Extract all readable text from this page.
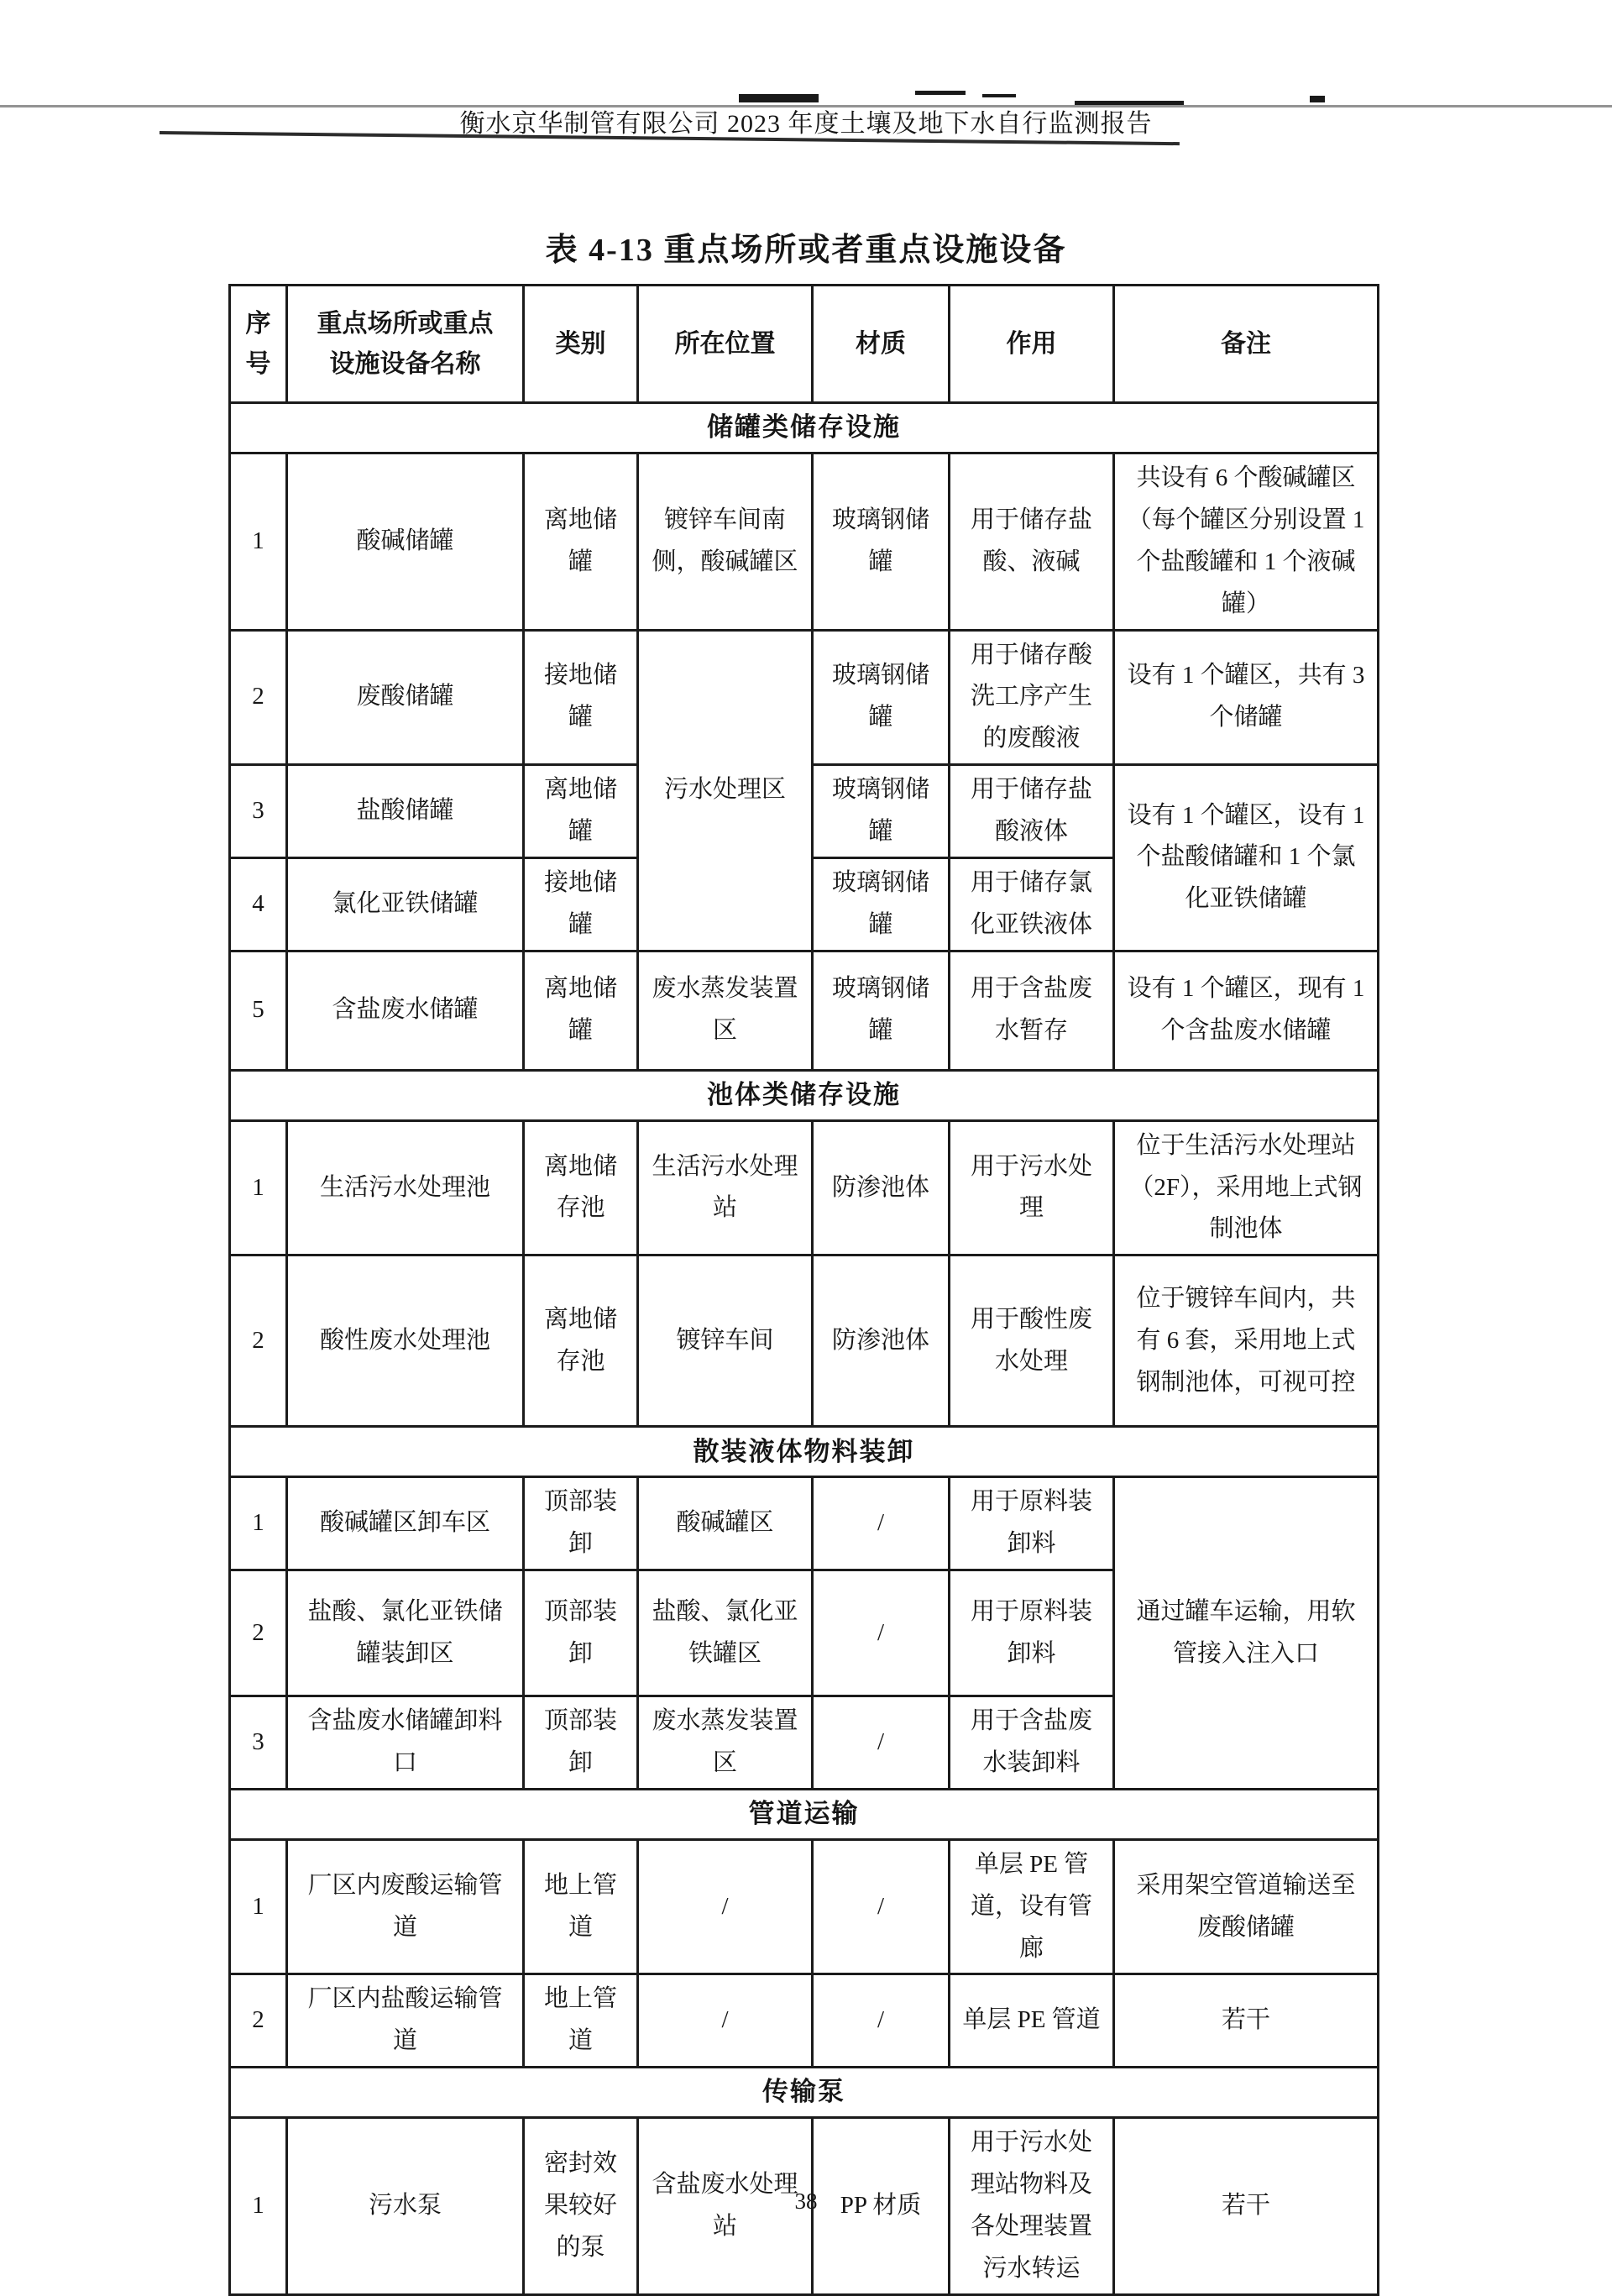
衡水京华制管有限公司 2023 年度土壤及地下水自行监测报告
表 4-13 重点场所或者重点设施设备
序号	重点场所或重点设施设备名称	类别	所在位置	材质	作用	备注
储罐类储存设施						
1	酸碱储罐	离地储罐	镀锌车间南侧，酸碱罐区	玻璃钢储罐	用于储存盐酸、液碱	共设有 6 个酸碱罐区（每个罐区分别设置 1 个盐酸罐和 1 个液碱罐）
2	废酸储罐	接地储罐	污水处理区	玻璃钢储罐	用于储存酸洗工序产生的废酸液	设有 1 个罐区，共有 3 个储罐
3	盐酸储罐	离地储罐		玻璃钢储罐	用于储存盐酸液体	设有 1 个罐区，设有 1 个盐酸储罐和 1 个氯化亚铁储罐
4	氯化亚铁储罐	接地储罐		玻璃钢储罐	用于储存氯化亚铁液体	
5	含盐废水储罐	离地储罐	废水蒸发装置区	玻璃钢储罐	用于含盐废水暂存	设有 1 个罐区，现有 1 个含盐废水储罐
池体类储存设施						
1	生活污水处理池	离地储存池	生活污水处理站	防渗池体	用于污水处理	位于生活污水处理站（2F），采用地上式钢制池体
2	酸性废水处理池	离地储存池	镀锌车间	防渗池体	用于酸性废水处理	位于镀锌车间内，共有 6 套，采用地上式钢制池体，可视可控
散装液体物料装卸						
1	酸碱罐区卸车区	顶部装卸	酸碱罐区	/	用于原料装卸料	通过罐车运输，用软管接入注入口
2	盐酸、氯化亚铁储罐装卸区	顶部装卸	盐酸、氯化亚铁罐区	/	用于原料装卸料	
3	含盐废水储罐卸料口	顶部装卸	废水蒸发装置区	/	用于含盐废水装卸料	
管道运输						
1	厂区内废酸运输管道	地上管道	/	/	单层 PE 管道，设有管廊	采用架空管道输送至废酸储罐
2	厂区内盐酸运输管道	地上管道	/	/	单层 PE 管道	若干
传输泵						
1	污水泵	密封效果较好的泵	含盐废水处理站	PP 材质	用于污水处理站物料及各处理装置污水转运	若干
38
